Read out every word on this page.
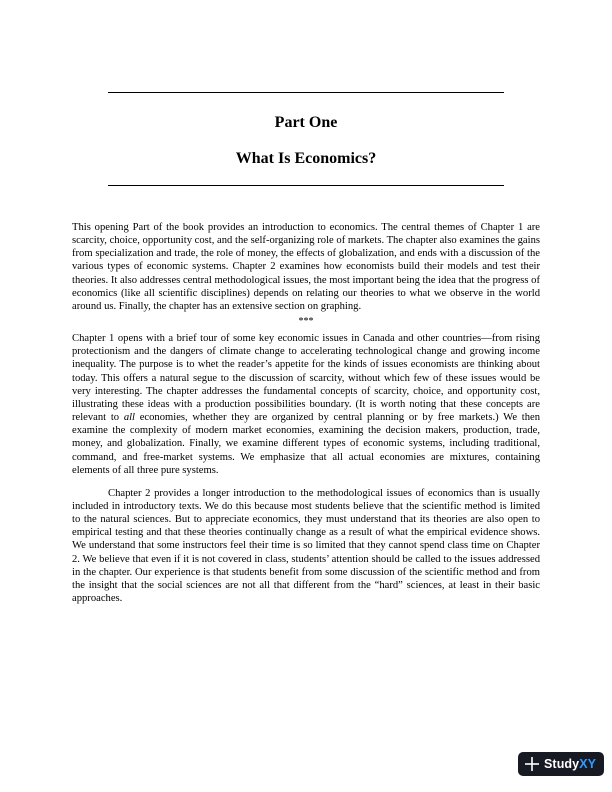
Part One
What Is Economics?

This opening Part of the book provides an introduction to economics. The central themes of Chapter 1 are scarcity, choice, opportunity cost, and the self-organizing role of markets. The chapter also examines the gains from specialization and trade, the role of money, the effects of globalization, and ends with a discussion of the various types of economic systems. Chapter 2 examines how economists build their models and test their theories. It also addresses central methodological issues, the most important being the idea that the progress of economics (like all scientific disciplines) depends on relating our theories to what we observe in the world around us. Finally, the chapter has an extensive section on graphing.

***

Chapter 1 opens with a brief tour of some key economic issues in Canada and other countries—from rising protectionism and the dangers of climate change to accelerating technological change and growing income inequality. The purpose is to whet the reader’s appetite for the kinds of issues economists are thinking about today. This offers a natural segue to the discussion of scarcity, without which few of these issues would be very interesting. The chapter addresses the fundamental concepts of scarcity, choice, and opportunity cost, illustrating these ideas with a production possibilities boundary. (It is worth noting that these concepts are relevant to all economies, whether they are organized by central planning or by free markets.) We then examine the complexity of modern market economies, examining the decision makers, production, trade, money, and globalization. Finally, we examine different types of economic systems, including traditional, command, and free-market systems. We emphasize that all actual economies are mixtures, containing elements of all three pure systems.

Chapter 2 provides a longer introduction to the methodological issues of economics than is usually included in introductory texts. We do this because most students believe that the scientific method is limited to the natural sciences. But to appreciate economics, they must understand that its theories are also open to empirical testing and that these theories continually change as a result of what the empirical evidence shows. We understand that some instructors feel their time is so limited that they cannot spend class time on Chapter 2. We believe that even if it is not covered in class, students’ attention should be called to the issues addressed in the chapter. Our experience is that students benefit from some discussion of the scientific method and from the insight that the social sciences are not all that different from the “hard” sciences, at least in their basic approaches.

StudyXY
